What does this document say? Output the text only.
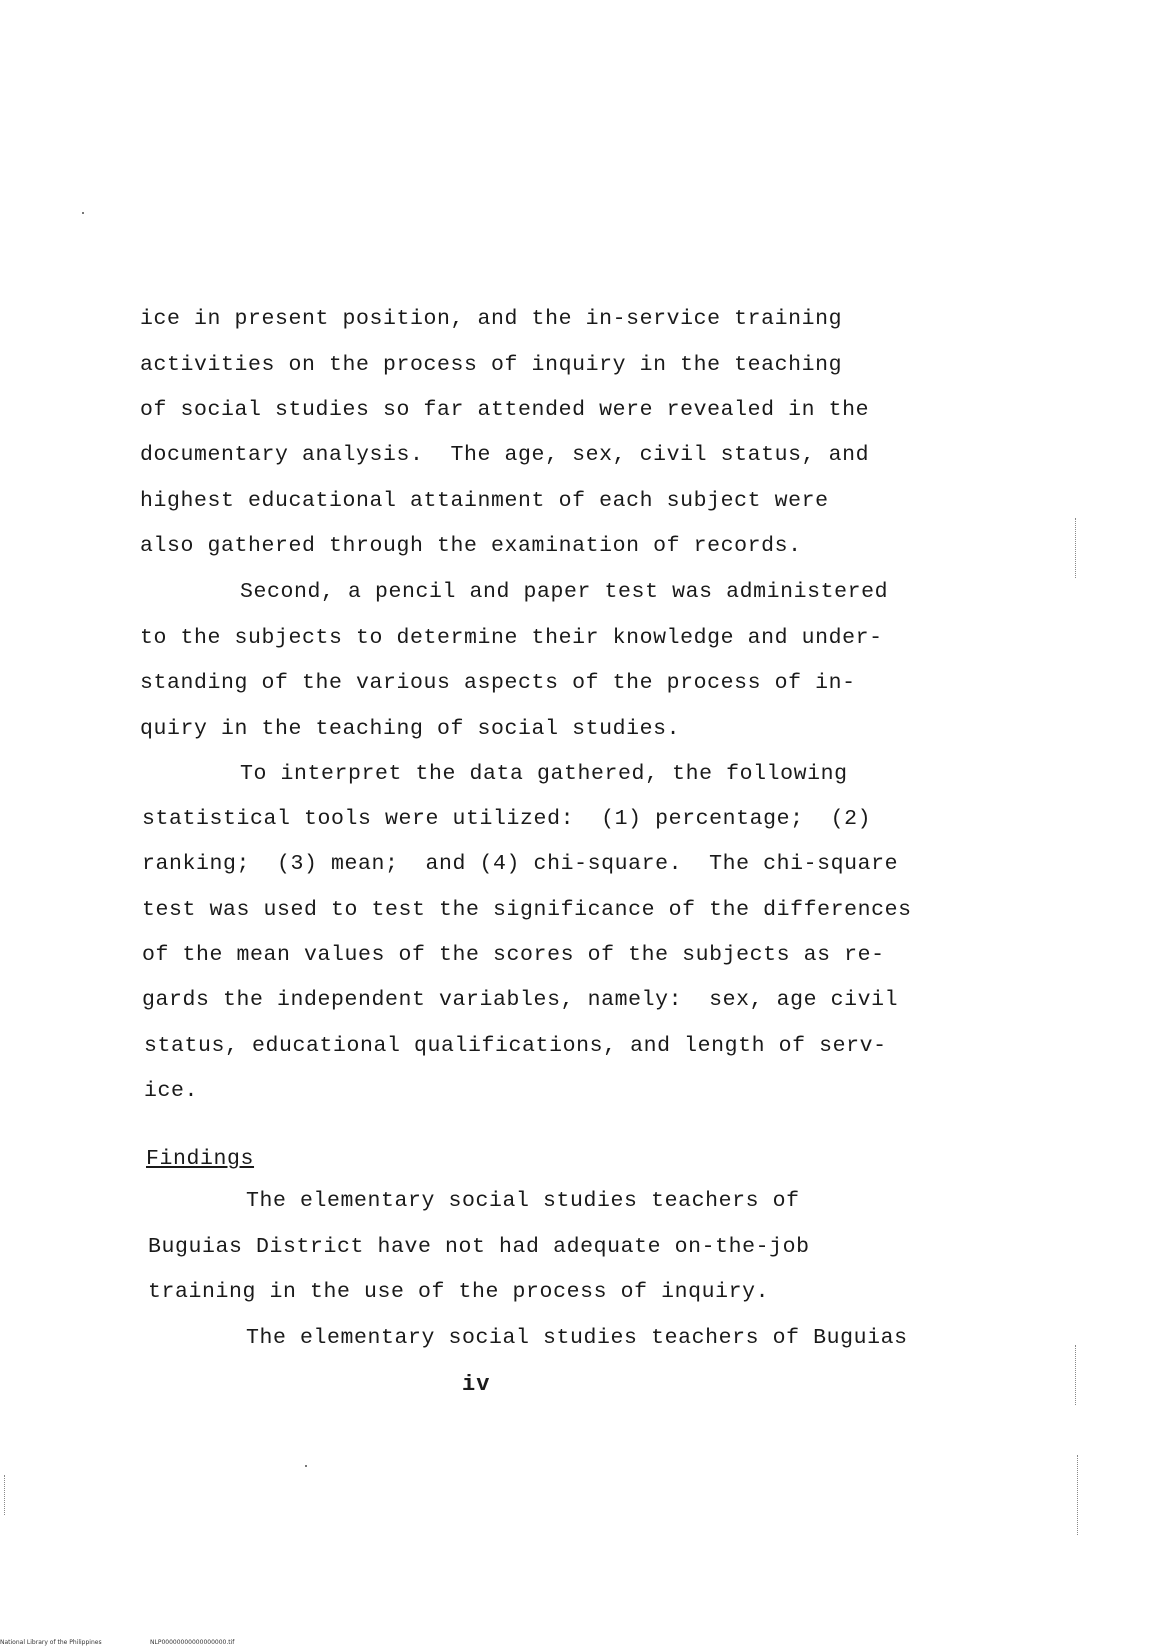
ice in present position, and the in-service training
activities on the process of inquiry in the teaching
of social studies so far attended were revealed in the
documentary analysis.  The age, sex, civil status, and
highest educational attainment of each subject were
also gathered through the examination of records.
Second, a pencil and paper test was administered
to the subjects to determine their knowledge and under-
standing of the various aspects of the process of in-
quiry in the teaching of social studies.
To interpret the data gathered, the following
statistical tools were utilized:  (1) percentage;  (2)
ranking;  (3) mean;  and (4) chi-square.  The chi-square
test was used to test the significance of the differences
of the mean values of the scores of the subjects as re-
gards the independent variables, namely:  sex, age civil
status, educational qualifications, and length of serv-
ice.
Findings
The elementary social studies teachers of
Buguias District have not had adequate on-the-job
training in the use of the process of inquiry.
The elementary social studies teachers of Buguias
iv
National Library of the Philippines	NLP00000000000000000.tif
